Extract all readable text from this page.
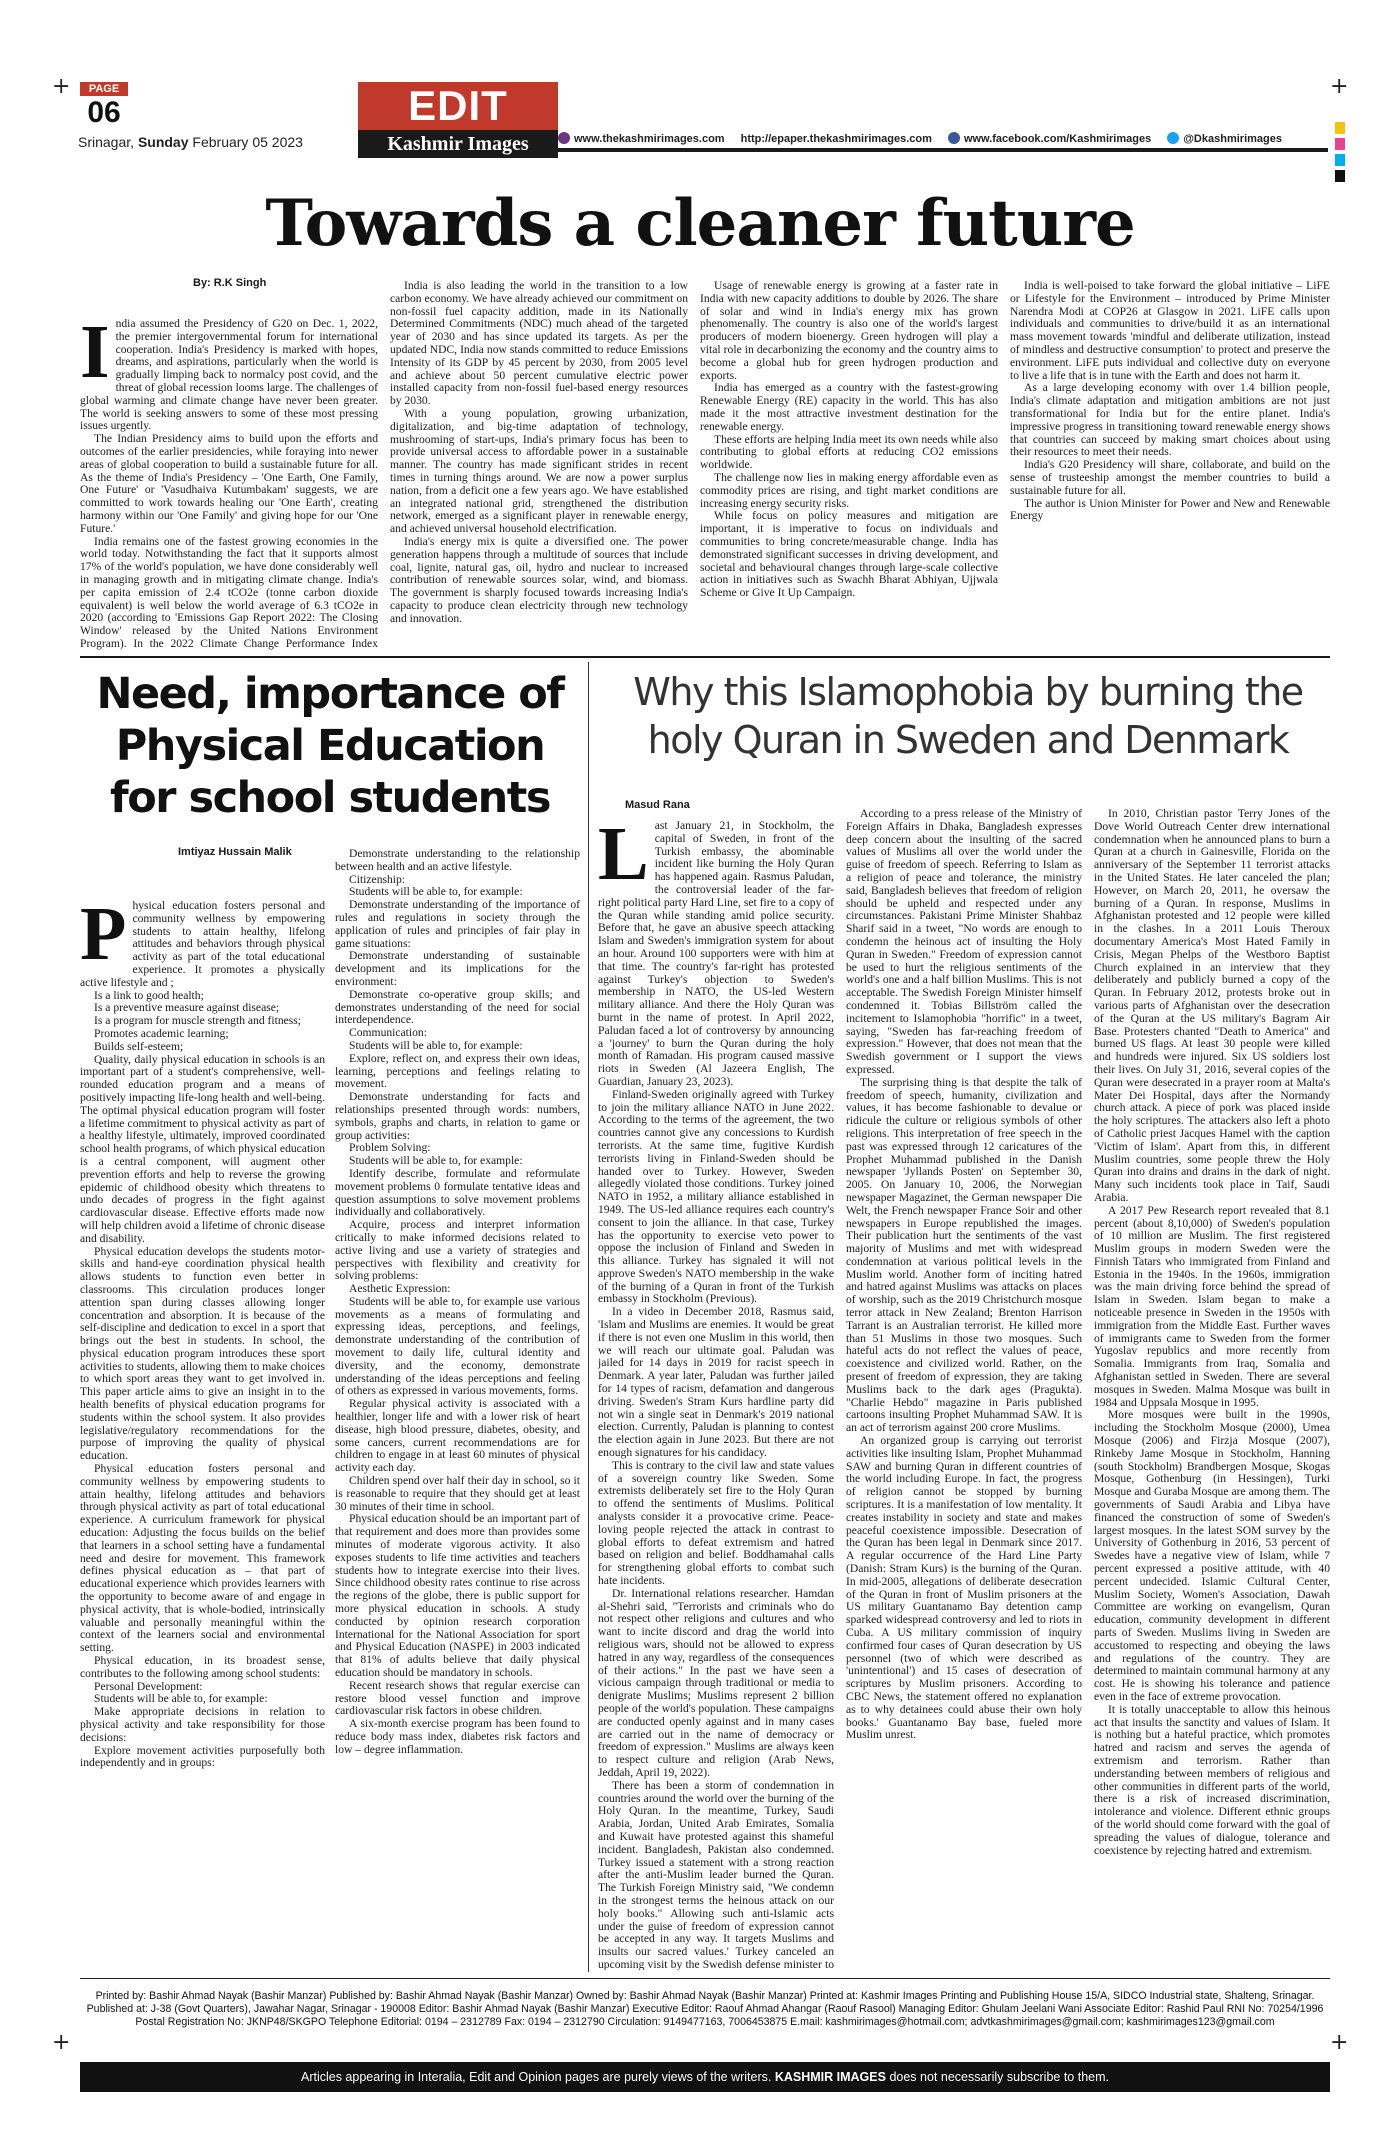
+	+
+	+
PAGE
06
Srinagar, Sunday February 05 2023
EDIT
Kashmir Images	www.thekashmirimages.com http://epaper.thekashmirimages.com	www.facebook.com/Kashmirimages	@Dkashmirimages
Towards a cleaner future
By: R.K Singh

India assumed the Presidency of G20 on Dec. 1, 2022, the premier intergovernmental forum for international cooperation. India's Presidency is marked with hopes, dreams, and aspirations, particularly when the world is gradually limping back to normalcy post covid, and the threat of global recession looms large. The challenges of global warming and climate change have never been greater. The world is seeking answers to some of these most pressing issues urgently.

The Indian Presidency aims to build upon the efforts and outcomes of the earlier presidencies, while foraying into newer areas of global cooperation to build a sustainable future for all. As the theme of India's Presidency – 'One Earth, One Family, One Future' or 'Vasudhaiva Kutumbakam' suggests, we are committed to work towards healing our 'One Earth', creating harmony within our 'One Family' and giving hope for our 'One Future.'

India remains one of the fastest growing economies in the world today. Notwithstanding the fact that it supports almost 17% of the world's population, we have done considerably well in managing growth and in mitigating climate change. India's per capita emission of 2.4 tCO2e (tonne carbon dioxide equivalent) is well below the world average of 6.3 tCO2e in 2020 (according to 'Emissions Gap Report 2022: The Closing Window' released by the United Nations Environment Program). In the 2022 Climate Change Performance Index

India is also leading the world in the transition to a low carbon economy. We have already achieved our commitment on non-fossil fuel capacity addition, made in its Nationally Determined Commitments (NDC) much ahead of the targeted year of 2030 and has since updated its targets. As per the updated NDC, India now stands committed to reduce Emissions Intensity of its GDP by 45 percent by 2030, from 2005 level and achieve about 50 percent cumulative electric power installed capacity from non-fossil fuel-based energy resources by 2030.

With a young population, growing urbanization, digitalization, and big-time adaptation of technology, mushrooming of start-ups, India's primary focus has been to provide universal access to affordable power in a sustainable manner. The country has made significant strides in recent times in turning things around. We are now a power surplus nation, from a deficit one a few years ago. We have established an integrated national grid, strengthened the distribution network, emerged as a significant player in renewable energy, and achieved universal household electrification.

India's energy mix is quite a diversified one. The power generation happens through a multitude of sources that include coal, lignite, natural gas, oil, hydro and nuclear to increased contribution of renewable sources solar, wind, and biomass. The government is sharply focused towards increasing India's capacity to produce clean electricity through new technology and innovation.

Usage of renewable energy is growing at a faster rate in India with new capacity additions to double by 2026. The share of solar and wind in India's energy mix has grown phenomenally. The country is also one of the world's largest producers of modern bioenergy. Green hydrogen will play a vital role in decarbonizing the economy and the country aims to become a global hub for green hydrogen production and exports.

India has emerged as a country with the fastest-growing Renewable Energy (RE) capacity in the world. This has also made it the most attractive investment destination for the renewable energy.

These efforts are helping India meet its own needs while also contributing to global efforts at reducing CO2 emissions worldwide.

The challenge now lies in making energy affordable even as commodity prices are rising, and tight market conditions are increasing energy security risks.

While focus on policy measures and mitigation are important, it is imperative to focus on individuals and communities to bring concrete/measurable change. India has demonstrated significant successes in driving development, and societal and behavioural changes through large-scale collective action in initiatives such as Swachh Bharat Abhiyan, Ujjwala Scheme or Give It Up Campaign.

India is well-poised to take forward the global initiative – LiFE or Lifestyle for the Environment – introduced by Prime Minister Narendra Modi at COP26 at Glasgow in 2021. LiFE calls upon individuals and communities to drive/build it as an international mass movement towards 'mindful and deliberate utilization, instead of mindless and destructive consumption' to protect and preserve the environment. LiFE puts individual and collective duty on everyone to live a life that is in tune with the Earth and does not harm it.

As a large developing economy with over 1.4 billion people, India's climate adaptation and mitigation ambitions are not just transformational for India but for the entire planet. India's impressive progress in transitioning toward renewable energy shows that countries can succeed by making smart choices about using their resources to meet their needs.

India's G20 Presidency will share, collaborate, and build on the sense of trusteeship amongst the member countries to build a sustainable future for all.

The author is Union Minister for Power and New and Renewable Energy

Need, importance of Physical Education for school students
Imtiyaz Hussain Malik

Physical education fosters personal and community wellness by empowering students to attain healthy, lifelong attitudes and behaviors through physical activity as part of the total educational experience. It promotes a physically active lifestyle and ;

Is a link to good health;

Is a preventive measure against disease;

Is a program for muscle strength and fitness;

Promotes academic learning;

Builds self-esteem;

Quality, daily physical education in schools is an important part of a student's comprehensive, well-rounded education program and a means of positively impacting life-long health and well-being. The optimal physical education program will foster a lifetime commitment to physical activity as part of a healthy lifestyle, ultimately, improved coordinated school health programs, of which physical education is a central component, will augment other prevention efforts and help to reverse the growing epidemic of childhood obesity which threatens to undo decades of progress in the fight against cardiovascular disease. Effective efforts made now will help children avoid a lifetime of chronic disease and disability.

Physical education develops the students motor-skills and hand-eye coordination physical health allows students to function even better in classrooms. This circulation produces longer attention span during classes allowing longer concentration and absorption. It is because of the self-discipline and dedication to excel in a sport that brings out the best in students. In school, the physical education program introduces these sport activities to students, allowing them to make choices to which sport areas they want to get involved in. This paper article aims to give an insight in to the health benefits of physical education programs for students within the school system. It also provides legislative/regulatory recommendations for the purpose of improving the quality of physical education.

Physical education fosters personal and community wellness by empowering students to attain healthy, lifelong attitudes and behaviors through physical activity as part of total educational experience. A curriculum framework for physical education: Adjusting the focus builds on the belief that learners in a school setting have a fundamental need and desire for movement. This framework defines physical education as – that part of educational experience which provides learners with the opportunity to become aware of and engage in physical activity, that is whole-bodied, intrinsically valuable and personally meaningful within the context of the learners social and environmental setting.

Physical education, in its broadest sense, contributes to the following among school students:

Personal Development:

Students will be able to, for example:

Make appropriate decisions in relation to physical activity and take responsibility for those decisions:

Explore movement activities purposefully both independently and in groups:

Demonstrate understanding to the relationship between health and an active lifestyle.

Citizenship:

Students will be able to, for example:

Demonstrate understanding of the importance of rules and regulations in society through the application of rules and principles of fair play in game situations:

Demonstrate understanding of sustainable development and its implications for the environment:

Demonstrate co-operative group skills; and demonstrates understanding of the need for social interdependence.

Communication:

Students will be able to, for example:

Explore, reflect on, and express their own ideas, learning, perceptions and feelings relating to movement.

Demonstrate understanding for facts and relationships presented through words: numbers, symbols, graphs and charts, in relation to game or group activities:

Problem Solving:

Students will be able to, for example:

Identify describe, formulate and reformulate movement problems 0 formulate tentative ideas and question assumptions to solve movement problems individually and collaboratively.

Acquire, process and interpret information critically to make informed decisions related to active living and use a variety of strategies and perspectives with flexibility and creativity for solving problems:

Aesthetic Expression:

Students will be able to, for example use various movements as a means of formulating and expressing ideas, perceptions, and feelings, demonstrate understanding of the contribution of movement to daily life, cultural identity and diversity, and the economy, demonstrate understanding of the ideas perceptions and feeling of others as expressed in various movements, forms.

Regular physical activity is associated with a healthier, longer life and with a lower risk of heart disease, high blood pressure, diabetes, obesity, and some cancers, current recommendations are for children to engage in at least 60 minutes of physical activity each day.

Children spend over half their day in school, so it is reasonable to require that they should get at least 30 minutes of their time in school.

Physical education should be an important part of that requirement and does more than provides some minutes of moderate vigorous activity. It also exposes students to life time activities and teachers students how to integrate exercise into their lives. Since childhood obesity rates continue to rise across the regions of the globe, there is public support for more physical education in schools. A study conducted by opinion research corporation International for the National Association for sport and Physical Education (NASPE) in 2003 indicated that 81% of adults believe that daily physical education should be mandatory in schools.

Recent research shows that regular exercise can restore blood vessel function and improve cardiovascular risk factors in obese children.

A six-month exercise program has been found to reduce body mass index, diabetes risk factors and low – degree inflammation.

Why this Islamophobia by burning the holy Quran in Sweden and Denmark
Masud Rana

Last January 21, in Stockholm, the capital of Sweden, in front of the Turkish embassy, the abominable incident like burning the Holy Quran has happened again. Rasmus Paludan, the controversial leader of the far-right political party Hard Line, set fire to a copy of the Quran while standing amid police security. Before that, he gave an abusive speech attacking Islam and Sweden's immigration system for about an hour. Around 100 supporters were with him at that time. The country's far-right has protested against Turkey's objection to Sweden's membership in NATO, the US-led Western military alliance. And there the Holy Quran was burnt in the name of protest. In April 2022, Paludan faced a lot of controversy by announcing a 'journey' to burn the Quran during the holy month of Ramadan. His program caused massive riots in Sweden (Al Jazeera English, The Guardian, January 23, 2023).

Finland-Sweden originally agreed with Turkey to join the military alliance NATO in June 2022. According to the terms of the agreement, the two countries cannot give any concessions to Kurdish terrorists. At the same time, fugitive Kurdish terrorists living in Finland-Sweden should be handed over to Turkey. However, Sweden allegedly violated those conditions. Turkey joined NATO in 1952, a military alliance established in 1949. The US-led alliance requires each country's consent to join the alliance. In that case, Turkey has the opportunity to exercise veto power to oppose the inclusion of Finland and Sweden in this alliance. Turkey has signaled it will not approve Sweden's NATO membership in the wake of the burning of a Quran in front of the Turkish embassy in Stockholm (Previous).

In a video in December 2018, Rasmus said, 'Islam and Muslims are enemies. It would be great if there is not even one Muslim in this world, then we will reach our ultimate goal. Paludan was jailed for 14 days in 2019 for racist speech in Denmark. A year later, Paludan was further jailed for 14 types of racism, defamation and dangerous driving. Sweden's Stram Kurs hardline party did not win a single seat in Denmark's 2019 national election. Currently, Paludan is planning to contest the election again in June 2023. But there are not enough signatures for his candidacy.

This is contrary to the civil law and state values of a sovereign country like Sweden. Some extremists deliberately set fire to the Holy Quran to offend the sentiments of Muslims. Political analysts consider it a provocative crime. Peace-loving people rejected the attack in contrast to global efforts to defeat extremism and hatred based on religion and belief. Boddhamahal calls for strengthening global efforts to combat such hate incidents.

Dr. International relations researcher. Hamdan al-Shehri said, "Terrorists and criminals who do not respect other religions and cultures and who want to incite discord and drag the world into religious wars, should not be allowed to express hatred in any way, regardless of the consequences of their actions." In the past we have seen a vicious campaign through traditional or media to denigrate Muslims; Muslims represent 2 billion people of the world's population. These campaigns are conducted openly against and in many cases are carried out in the name of democracy or freedom of expression." Muslims are always keen to respect culture and religion (Arab News, Jeddah, April 19, 2022).

There has been a storm of condemnation in countries around the world over the burning of the Holy Quran. In the meantime, Turkey, Saudi Arabia, Jordan, United Arab Emirates, Somalia and Kuwait have protested against this shameful incident. Bangladesh, Pakistan also condemned. Turkey issued a statement with a strong reaction after the anti-Muslim leader burned the Quran. The Turkish Foreign Ministry said, "We condemn in the strongest terms the heinous attack on our holy books." Allowing such anti-Islamic acts under the guise of freedom of expression cannot be accepted in any way. It targets Muslims and insults our sacred values.' Turkey canceled an upcoming visit by the Swedish defense minister to

According to a press release of the Ministry of Foreign Affairs in Dhaka, Bangladesh expresses deep concern about the insulting of the sacred values of Muslims all over the world under the guise of freedom of speech. Referring to Islam as a religion of peace and tolerance, the ministry said, Bangladesh believes that freedom of religion should be upheld and respected under any circumstances. Pakistani Prime Minister Shahbaz Sharif said in a tweet, "No words are enough to condemn the heinous act of insulting the Holy Quran in Sweden." Freedom of expression cannot be used to hurt the religious sentiments of the world's one and a half billion Muslims. This is not acceptable. The Swedish Foreign Minister himself condemned it. Tobias Billström called the incitement to Islamophobia "horrific" in a tweet, saying, "Sweden has far-reaching freedom of expression." However, that does not mean that the Swedish government or I support the views expressed.

The surprising thing is that despite the talk of freedom of speech, humanity, civilization and values, it has become fashionable to devalue or ridicule the culture or religious symbols of other religions. This interpretation of free speech in the past was expressed through 12 caricatures of the Prophet Muhammad published in the Danish newspaper 'Jyllands Posten' on September 30, 2005. On January 10, 2006, the Norwegian newspaper Magazinet, the German newspaper Die Welt, the French newspaper France Soir and other newspapers in Europe republished the images. Their publication hurt the sentiments of the vast majority of Muslims and met with widespread condemnation at various political levels in the Muslim world. Another form of inciting hatred and hatred against Muslims was attacks on places of worship, such as the 2019 Christchurch mosque terror attack in New Zealand; Brenton Harrison Tarrant is an Australian terrorist. He killed more than 51 Muslims in those two mosques. Such hateful acts do not reflect the values of peace, coexistence and civilized world. Rather, on the present of freedom of expression, they are taking Muslims back to the dark ages (Pragukta). "Charlie Hebdo" magazine in Paris published cartoons insulting Prophet Muhammad SAW. It is an act of terrorism against 200 crore Muslims.

An organized group is carrying out terrorist activities like insulting Islam, Prophet Muhammad SAW and burning Quran in different countries of the world including Europe. In fact, the progress of religion cannot be stopped by burning scriptures. It is a manifestation of low mentality. It creates instability in society and state and makes peaceful coexistence impossible. Desecration of the Quran has been legal in Denmark since 2017. A regular occurrence of the Hard Line Party (Danish: Stram Kurs) is the burning of the Quran. In mid-2005, allegations of deliberate desecration of the Quran in front of Muslim prisoners at the US military Guantanamo Bay detention camp sparked widespread controversy and led to riots in Cuba. A US military commission of inquiry confirmed four cases of Quran desecration by US personnel (two of which were described as 'unintentional') and 15 cases of desecration of scriptures by Muslim prisoners. According to CBC News, the statement offered no explanation as to why detainees could abuse their own holy books.' Guantanamo Bay base, fueled more Muslim unrest.

In 2010, Christian pastor Terry Jones of the Dove World Outreach Center drew international condemnation when he announced plans to burn a Quran at a church in Gainesville, Florida on the anniversary of the September 11 terrorist attacks in the United States. He later canceled the plan; However, on March 20, 2011, he oversaw the burning of a Quran. In response, Muslims in Afghanistan protested and 12 people were killed in the clashes. In a 2011 Louis Theroux documentary America's Most Hated Family in Crisis, Megan Phelps of the Westboro Baptist Church explained in an interview that they deliberately and publicly burned a copy of the Quran. In February 2012, protests broke out in various parts of Afghanistan over the desecration of the Quran at the US military's Bagram Air Base. Protesters chanted "Death to America" and burned US flags. At least 30 people were killed and hundreds were injured. Six US soldiers lost their lives. On July 31, 2016, several copies of the Quran were desecrated in a prayer room at Malta's Mater Dei Hospital, days after the Normandy church attack. A piece of pork was placed inside the holy scriptures. The attackers also left a photo of Catholic priest Jacques Hamel with the caption 'Victim of Islam'. Apart from this, in different Muslim countries, some people threw the Holy Quran into drains and drains in the dark of night. Many such incidents took place in Taif, Saudi Arabia.

A 2017 Pew Research report revealed that 8.1 percent (about 8,10,000) of Sweden's population of 10 million are Muslim. The first registered Muslim groups in modern Sweden were the Finnish Tatars who immigrated from Finland and Estonia in the 1940s. In the 1960s, immigration was the main driving force behind the spread of Islam in Sweden. Islam began to make a noticeable presence in Sweden in the 1950s with immigration from the Middle East. Further waves of immigrants came to Sweden from the former Yugoslav republics and more recently from Somalia. Immigrants from Iraq, Somalia and Afghanistan settled in Sweden. There are several mosques in Sweden. Malma Mosque was built in 1984 and Uppsala Mosque in 1995.

More mosques were built in the 1990s, including the Stockholm Mosque (2000), Umea Mosque (2006) and Firzja Mosque (2007), Rinkeby Jame Mosque in Stockholm, Hanning (south Stockholm) Brandbergen Mosque, Skogas Mosque, Gothenburg (in Hessingen), Turki Mosque and Guraba Mosque are among them. The governments of Saudi Arabia and Libya have financed the construction of some of Sweden's largest mosques. In the latest SOM survey by the University of Gothenburg in 2016, 53 percent of Swedes have a negative view of Islam, while 7 percent expressed a positive attitude, with 40 percent undecided. Islamic Cultural Center, Muslim Society, Women's Association, Dawah Committee are working on evangelism, Quran education, community development in different parts of Sweden. Muslims living in Sweden are accustomed to respecting and obeying the laws and regulations of the country. They are determined to maintain communal harmony at any cost. He is showing his tolerance and patience even in the face of extreme provocation.

It is totally unacceptable to allow this heinous act that insults the sanctity and values of Islam. It is nothing but a hateful practice, which promotes hatred and racism and serves the agenda of extremism and terrorism. Rather than understanding between members of religious and other communities in different parts of the world, there is a risk of increased discrimination, intolerance and violence. Different ethnic groups of the world should come forward with the goal of spreading the values of dialogue, tolerance and coexistence by rejecting hatred and extremism.

Printed by: Bashir Ahmad Nayak (Bashir Manzar) Published by: Bashir Ahmad Nayak (Bashir Manzar) Owned by: Bashir Ahmad Nayak (Bashir Manzar) Printed at: Kashmir Images Printing and Publishing House 15/A, SIDCO Industrial state, Shalteng, Srinagar.
Published at: J-38 (Govt Quarters), Jawahar Nagar, Srinagar - 190008 Editor: Bashir Ahmad Nayak (Bashir Manzar) Executive Editor: Raouf Ahmad Ahangar (Raouf Rasool) Managing Editor: Ghulam Jeelani Wani Associate Editor: Rashid Paul RNI No: 70254/1996
Postal Registration No: JKNP48/SKGPO Telephone Editorial: 0194 – 2312789 Fax: 0194 – 2312790 Circulation: 9149477163, 7006453875 E.mail: kashmirimages@hotmail.com; advtkashmirimages@gmail.com; kashmirimages123@gmail.com
Articles appearing in Interalia, Edit and Opinion pages are purely views of the writers. KASHMIR IMAGES does not necessarily subscribe to them.
